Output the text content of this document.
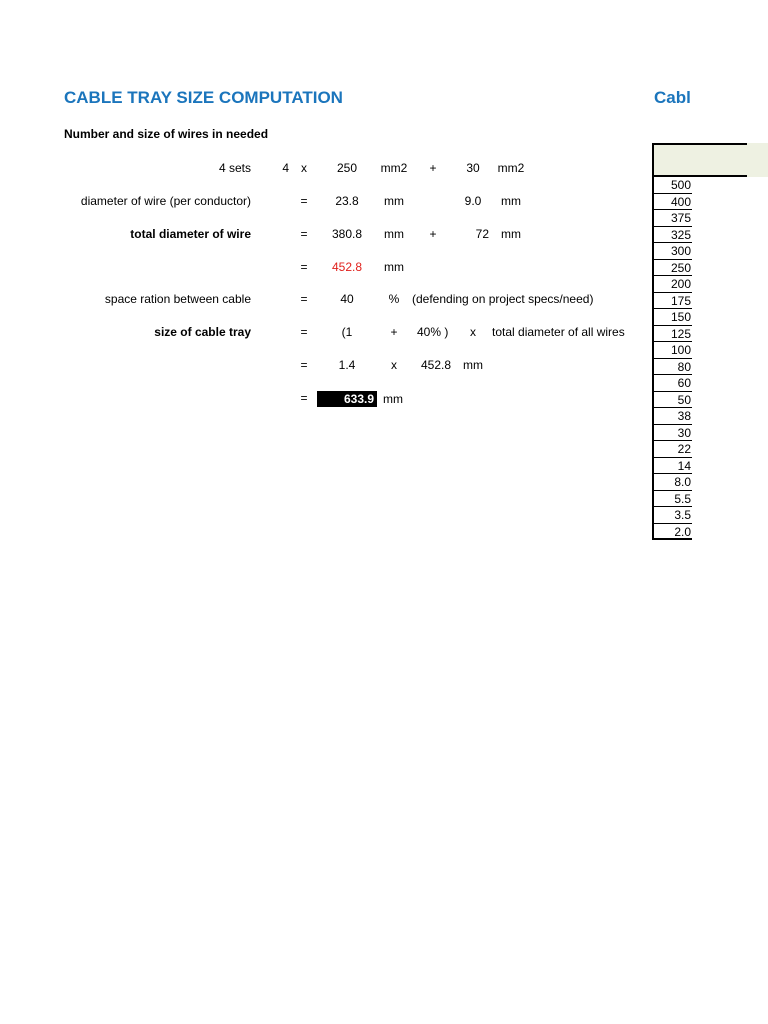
CABLE TRAY SIZE COMPUTATION	Cabl
Number and size of wires in needed
4 sets	4	x	250	mm2	+	30	mm2
diameter of wire (per conductor)	=	23.8	mm	9.0	mm
total diameter of wire	=	380.8	mm	+	72	mm
=	452.8	mm
space ration between cable	=	40	% (defending on project specs/need)
size of cable tray	=	(1	+	40% )	x	total diameter of all wires
=	1.4	x	452.8 mm
=	633.9 mm
500
400
375
325
300
250
200
175
150
125
100
80
60
50
38
30
22
14
8.0
5.5
3.5
2.0
